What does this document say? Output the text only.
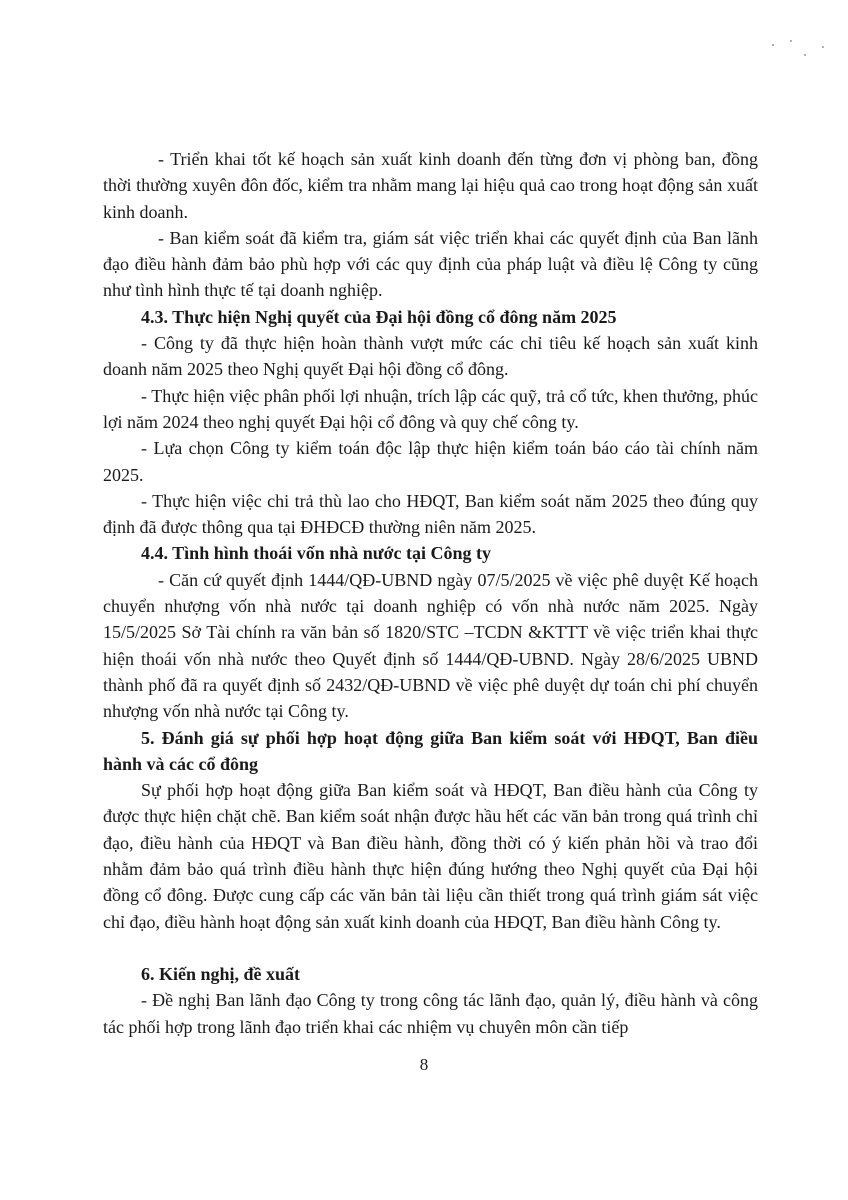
- Triển khai tốt kế hoạch sản xuất kinh doanh đến từng đơn vị phòng ban, đồng thời thường xuyên đôn đốc, kiểm tra nhằm mang lại hiệu quả cao trong hoạt động sản xuất kinh doanh.

- Ban kiểm soát đã kiểm tra, giám sát việc triển khai các quyết định của Ban lãnh đạo điều hành đảm bảo phù hợp với các quy định của pháp luật và điều lệ Công ty cũng như tình hình thực tế tại doanh nghiệp.

4.3. Thực hiện Nghị quyết của Đại hội đồng cổ đông năm 2025

- Công ty đã thực hiện hoàn thành vượt mức các chỉ tiêu kế hoạch sản xuất kinh doanh năm 2025 theo Nghị quyết Đại hội đồng cổ đông.

- Thực hiện việc phân phối lợi nhuận, trích lập các quỹ, trả cổ tức, khen thưởng, phúc lợi năm 2024 theo nghị quyết Đại hội cổ đông và quy chế công ty.

- Lựa chọn Công ty kiểm toán độc lập thực hiện kiểm toán báo cáo tài chính năm 2025.

- Thực hiện việc chi trả thù lao cho HĐQT, Ban kiểm soát năm 2025 theo đúng quy định đã được thông qua tại ĐHĐCĐ thường niên năm 2025.

4.4. Tình hình thoái vốn nhà nước tại Công ty

- Căn cứ quyết định 1444/QĐ-UBND ngày 07/5/2025 về việc phê duyệt Kế hoạch chuyển nhượng vốn nhà nước tại doanh nghiệp có vốn nhà nước năm 2025. Ngày 15/5/2025 Sở Tài chính ra văn bản số 1820/STC –TCDN &KTTT về việc triển khai thực hiện thoái vốn nhà nước theo Quyết định số 1444/QĐ-UBND. Ngày 28/6/2025 UBND thành phố đã ra quyết định số 2432/QĐ-UBND về việc phê duyệt dự toán chi phí chuyển nhượng vốn nhà nước tại Công ty.

5. Đánh giá sự phối hợp hoạt động giữa Ban kiểm soát với HĐQT, Ban điều hành và các cổ đông

Sự phối hợp hoạt động giữa Ban kiểm soát và HĐQT, Ban điều hành của Công ty được thực hiện chặt chẽ. Ban kiểm soát nhận được hầu hết các văn bản trong quá trình chỉ đạo, điều hành của HĐQT và Ban điều hành, đồng thời có ý kiến phản hồi và trao đổi nhằm đảm bảo quá trình điều hành thực hiện đúng hướng theo Nghị quyết của Đại hội đồng cổ đông. Được cung cấp các văn bản tài liệu cần thiết trong quá trình giám sát việc chỉ đạo, điều hành hoạt động sản xuất kinh doanh của HĐQT, Ban điều hành Công ty.

6. Kiến nghị, đề xuất

- Đề nghị Ban lãnh đạo Công ty trong công tác lãnh đạo, quản lý, điều hành và công tác phối hợp trong lãnh đạo triển khai các nhiệm vụ chuyên môn cần tiếp

8
